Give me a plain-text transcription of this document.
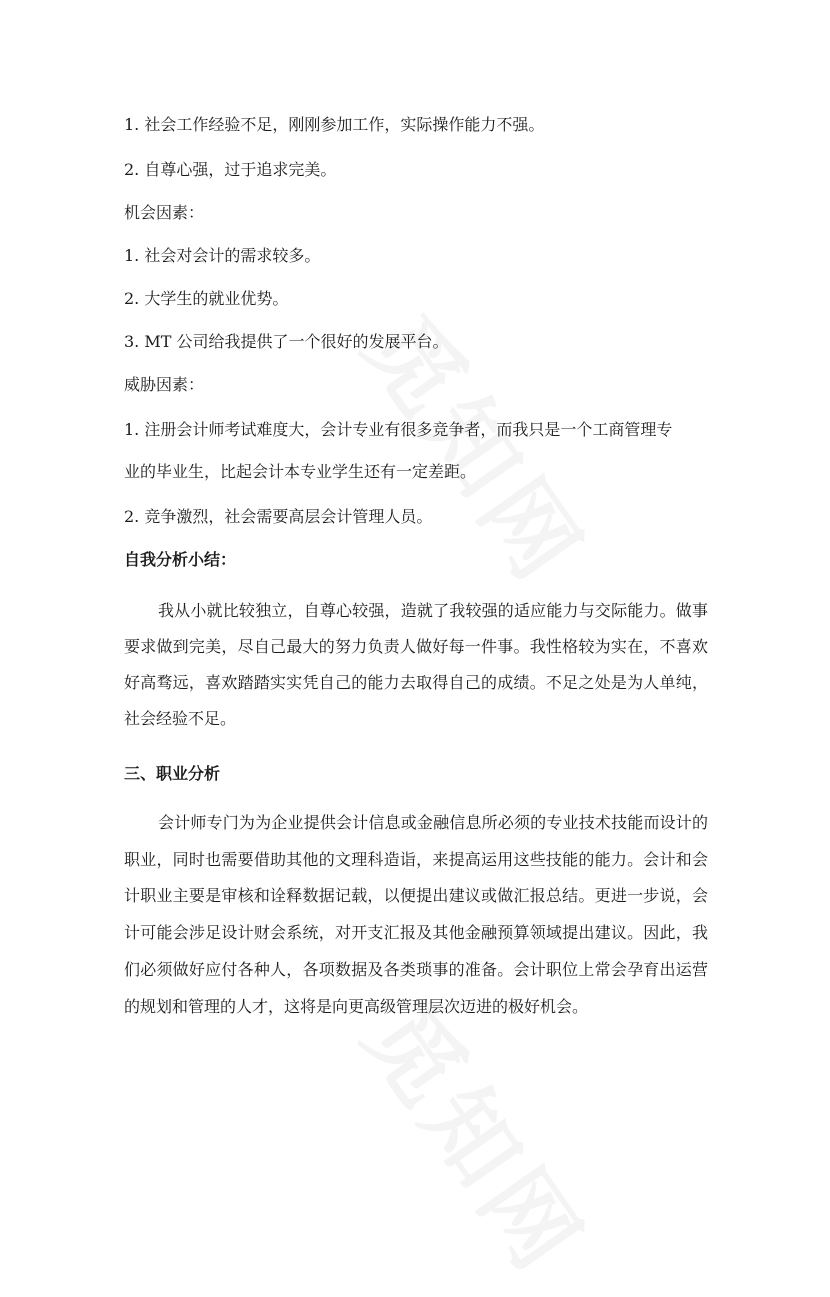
1. 社会工作经验不足，刚刚参加工作，实际操作能力不强。
2. 自尊心强，过于追求完美。
机会因素：
1. 社会对会计的需求较多。
2. 大学生的就业优势。
3. MT 公司给我提供了一个很好的发展平台。
威胁因素：
1. 注册会计师考试难度大，会计专业有很多竞争者，而我只是一个工商管理专
业的毕业生，比起会计本专业学生还有一定差距。
2. 竞争激烈，社会需要高层会计管理人员。
自我分析小结：

我从小就比较独立，自尊心较强，造就了我较强的适应能力与交际能力。做事要求做到完美，尽自己最大的努力负责人做好每一件事。我性格较为实在，不喜欢好高骛远，喜欢踏踏实实凭自己的能力去取得自己的成绩。不足之处是为人单纯，社会经验不足。

三、职业分析

会计师专门为为企业提供会计信息或金融信息所必须的专业技术技能而设计的职业，同时也需要借助其他的文理科造诣，来提高运用这些技能的能力。会计和会计职业主要是审核和诠释数据记载，以便提出建议或做汇报总结。更进一步说，会计可能会涉足设计财会系统，对开支汇报及其他金融预算领域提出建议。因此，我们必须做好应付各种人，各项数据及各类琐事的准备。会计职位上常会孕育出运营的规划和管理的人才，这将是向更高级管理层次迈进的极好机会。
